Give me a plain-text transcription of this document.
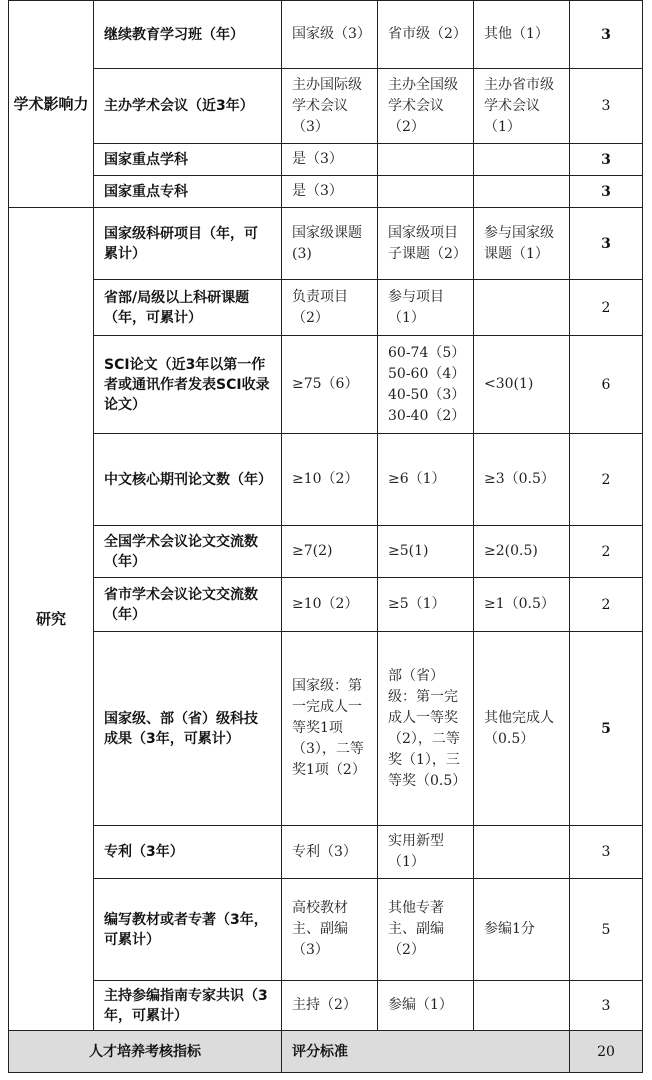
学术影响力	继续教育学习班（年）	国家级（3）	省市级（2）	其他（1）	3
	主办学术会议（近3年）	主办国际级学术会议（3）	主办全国级学术会议（2）	主办省市级学术会议（1）	3
	国家重点学科	是（3）			3
	国家重点专科	是（3）			3
研究	国家级科研项目（年，可累计）	国家级课题(3)	国家级项目子课题（2）	参与国家级课题（1）	3
	省部/局级以上科研课题（年，可累计）	负责项目（2）	参与项目（1）		2
	SCI论文（近3年以第一作者或通讯作者发表SCI收录论文）	≥75（6）	60-74（5）50-60（4）40-50（3）30-40（2）	<30(1)	6
	中文核心期刊论文数（年）	≥10（2）	≥6（1）	≥3（0.5）	2
	全国学术会议论文交流数（年）	≥7(2)	≥5(1)	≥2(0.5)	2
	省市学术会议论文交流数（年）	≥10（2）	≥5（1）	≥1（0.5）	2
	国家级、部（省）级科技成果（3年，可累计）	国家级：第一完成人一等奖1项（3），二等奖1项（2）	部（省）级：第一完成人一等奖（2），二等奖（1），三等奖（0.5）	其他完成人（0.5）	5
	专利（3年）	专利（3）	实用新型（1）		3
	编写教材或者专著（3年，可累计）	高校教材主、副编（3）	其他专著主、副编（2）	参编1分	5
	主持参编指南专家共识（3年，可累计）	主持（2）	参编（1）		3
人才培养考核指标		评分标准			20
